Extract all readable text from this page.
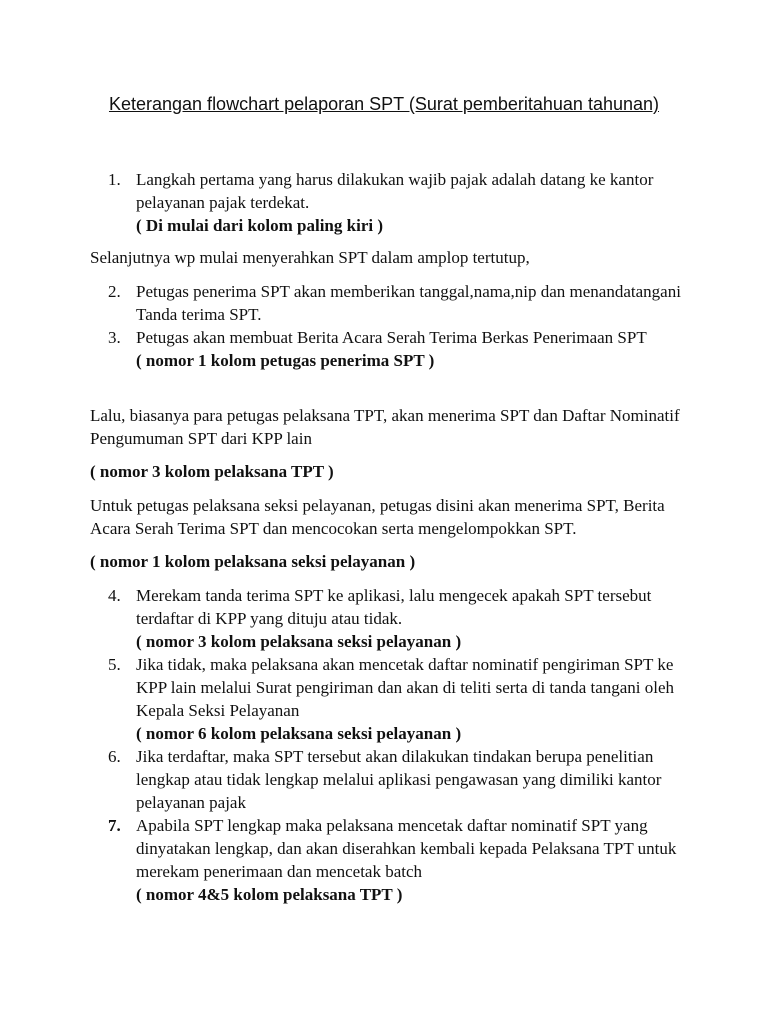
Keterangan flowchart pelaporan SPT (Surat pemberitahuan tahunan)
1. Langkah pertama yang harus dilakukan wajib pajak adalah datang ke kantor pelayanan pajak terdekat.
( Di mulai dari kolom paling kiri )
Selanjutnya wp mulai menyerahkan SPT dalam amplop tertutup,
2. Petugas penerima SPT akan memberikan tanggal,nama,nip dan menandatangani Tanda terima SPT.
3. Petugas akan membuat Berita Acara Serah Terima Berkas Penerimaan SPT
( nomor 1 kolom petugas penerima SPT )
Lalu, biasanya para petugas pelaksana TPT, akan menerima SPT dan Daftar Nominatif Pengumuman SPT dari KPP lain
( nomor 3 kolom pelaksana TPT )
Untuk petugas pelaksana seksi pelayanan, petugas disini akan menerima SPT, Berita Acara Serah Terima SPT dan mencocokan serta mengelompokkan SPT.
( nomor 1 kolom pelaksana seksi pelayanan )
4. Merekam tanda terima SPT ke aplikasi, lalu mengecek apakah SPT tersebut terdaftar di KPP yang dituju atau tidak.
( nomor 3 kolom pelaksana seksi pelayanan )
5. Jika tidak, maka pelaksana akan mencetak daftar nominatif pengiriman SPT ke KPP lain melalui Surat pengiriman dan akan di teliti serta di tanda tangani oleh Kepala Seksi Pelayanan
( nomor 6 kolom pelaksana seksi pelayanan )
6. Jika terdaftar, maka SPT tersebut akan dilakukan tindakan berupa penelitian lengkap atau tidak lengkap melalui aplikasi pengawasan yang dimiliki kantor pelayanan pajak
7. Apabila SPT lengkap maka pelaksana mencetak daftar nominatif SPT yang dinyatakan lengkap, dan akan diserahkan kembali kepada Pelaksana TPT untuk merekam penerimaan dan mencetak batch
( nomor 4&5 kolom pelaksana TPT )
